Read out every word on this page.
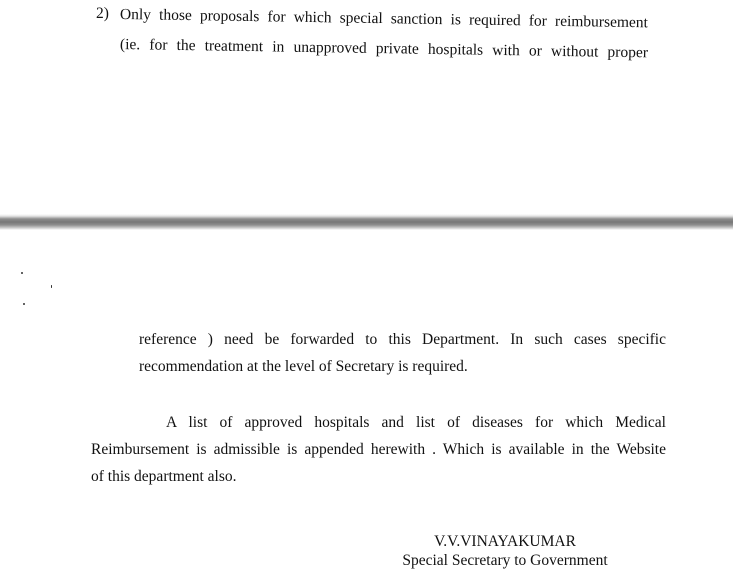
2) Only those proposals for which special sanction is required for reimbursement
(ie. for the treatment in unapproved private hospitals with or without proper
reference ) need be forwarded to this Department. In such cases specific
recommendation at the level of Secretary is required.
A list of approved hospitals and list of diseases for which Medical
Reimbursement is admissible is appended herewith . Which is available in the Website
of this department also.
V.V.VINAYAKUMAR
Special Secretary to Government
